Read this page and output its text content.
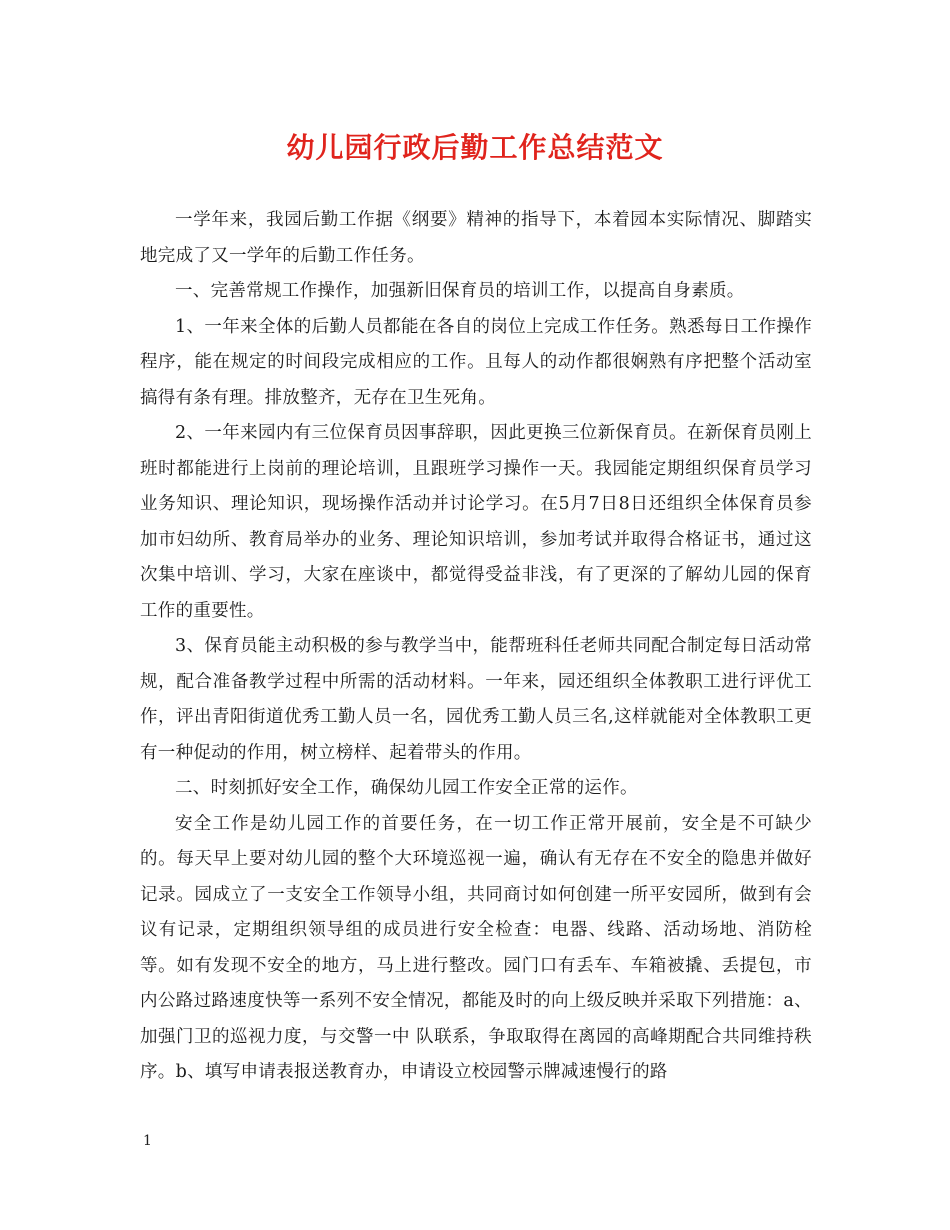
幼儿园行政后勤工作总结范文

一学年来，我园后勤工作据《纲要》精神的指导下，本着园本实际情况、脚踏实地完成了又一学年的后勤工作任务。

一、完善常规工作操作，加强新旧保育员的培训工作，以提高自身素质。

1、一年来全体的后勤人员都能在各自的岗位上完成工作任务。熟悉每日工作操作程序，能在规定的时间段完成相应的工作。且每人的动作都很娴熟有序把整个活动室搞得有条有理。排放整齐，无存在卫生死角。

2、一年来园内有三位保育员因事辞职，因此更换三位新保育员。在新保育员刚上班时都能进行上岗前的理论培训，且跟班学习操作一天。我园能定期组织保育员学习业务知识、理论知识，现场操作活动并讨论学习。在5月7日8日还组织全体保育员参加市妇幼所、教育局举办的业务、理论知识培训，参加考试并取得合格证书，通过这次集中培训、学习，大家在座谈中，都觉得受益非浅，有了更深的了解幼儿园的保育工作的重要性。

3、保育员能主动积极的参与教学当中，能帮班科任老师共同配合制定每日活动常规，配合准备教学过程中所需的活动材料。一年来，园还组织全体教职工进行评优工作，评出青阳街道优秀工勤人员一名，园优秀工勤人员三名,这样就能对全体教职工更有一种促动的作用，树立榜样、起着带头的作用。

二、时刻抓好安全工作，确保幼儿园工作安全正常的运作。

安全工作是幼儿园工作的首要任务，在一切工作正常开展前，安全是不可缺少的。每天早上要对幼儿园的整个大环境巡视一遍，确认有无存在不安全的隐患并做好记录。园成立了一支安全工作领导小组，共同商讨如何创建一所平安园所，做到有会议有记录，定期组织领导组的成员进行安全检查：电器、线路、活动场地、消防栓等。如有发现不安全的地方，马上进行整改。园门口有丢车、车箱被撬、丢提包，市内公路过路速度快等一系列不安全情况，都能及时的向上级反映并采取下列措施：a、加强门卫的巡视力度，与交警一中 队联系，争取取得在离园的高峰期配合共同维持秩序。b、填写申请表报送教育办，申请设立校园警示牌减速慢行的路

1
